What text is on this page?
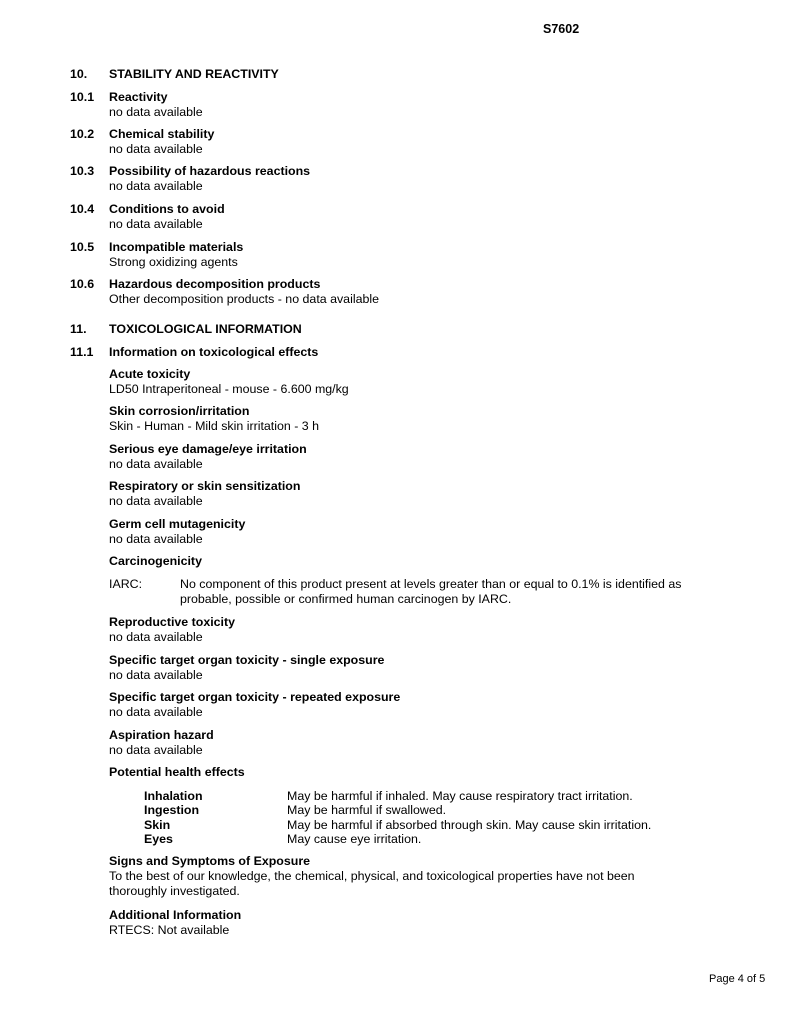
S7602
10. STABILITY AND REACTIVITY
10.1 Reactivity
no data available
10.2 Chemical stability
no data available
10.3 Possibility of hazardous reactions
no data available
10.4 Conditions to avoid
no data available
10.5 Incompatible materials
Strong oxidizing agents
10.6 Hazardous decomposition products
Other decomposition products - no data available
11. TOXICOLOGICAL INFORMATION
11.1 Information on toxicological effects
Acute toxicity
LD50 Intraperitoneal - mouse - 6.600 mg/kg
Skin corrosion/irritation
Skin - Human - Mild skin irritation - 3 h
Serious eye damage/eye irritation
no data available
Respiratory or skin sensitization
no data available
Germ cell mutagenicity
no data available
Carcinogenicity
IARC:	No component of this product present at levels greater than or equal to 0.1% is identified as
probable, possible or confirmed human carcinogen by IARC.
Reproductive toxicity
no data available
Specific target organ toxicity - single exposure
no data available
Specific target organ toxicity - repeated exposure
no data available
Aspiration hazard
no data available
Potential health effects
Inhalation	May be harmful if inhaled. May cause respiratory tract irritation.
Ingestion	May be harmful if swallowed.
Skin	May be harmful if absorbed through skin. May cause skin irritation.
Eyes	May cause eye irritation.
Signs and Symptoms of Exposure
To the best of our knowledge, the chemical, physical, and toxicological properties have not been
thoroughly investigated.
Additional Information
RTECS: Not available
Page 4 of 5
